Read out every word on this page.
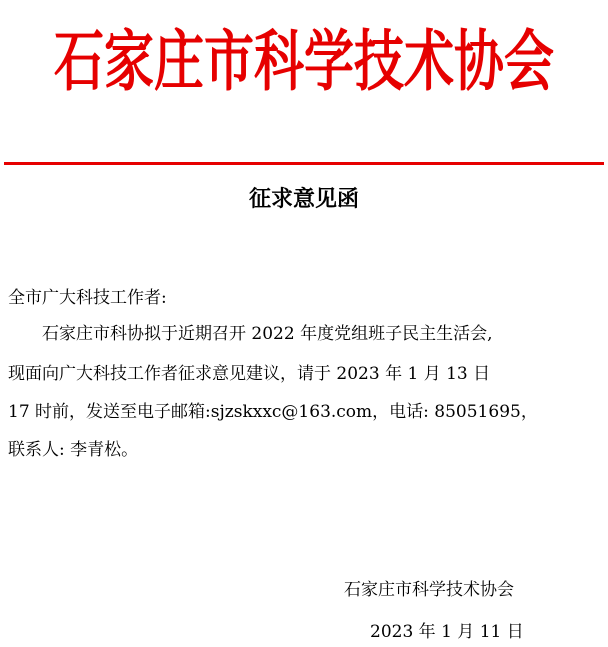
石家庄市科学技术协会
征求意见函
全市广大科技工作者:
石家庄市科协拟于近期召开 2022 年度党组班子民主生活会,
现面向广大科技工作者征求意见建议，请于 2023 年 1 月 13 日
17 时前，发送至电子邮箱:sjzskxxc@163.com，电话: 85051695，
联系人: 李青松。
石家庄市科学技术协会
2023 年 1 月 11 日
